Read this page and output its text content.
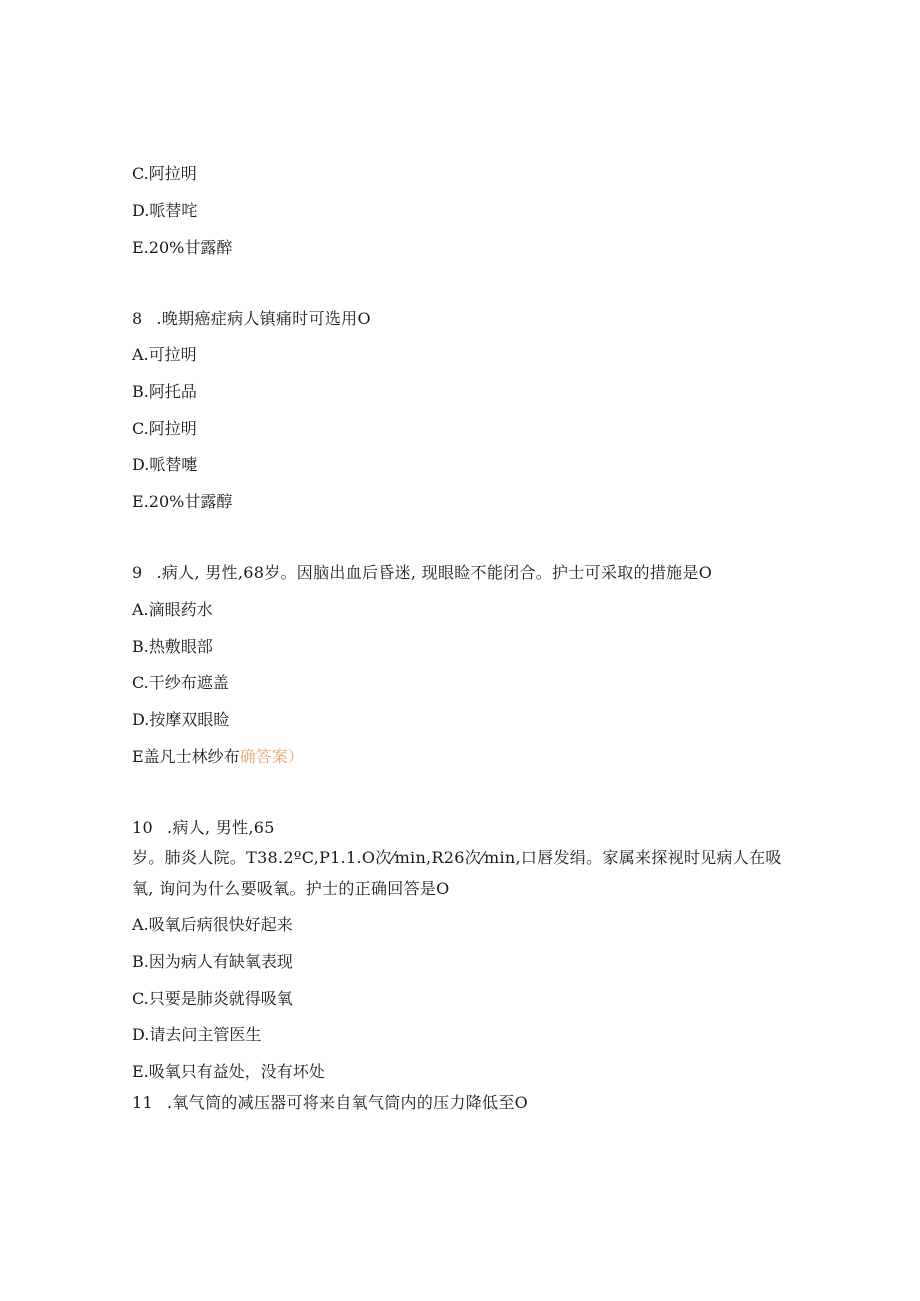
C.阿拉明
D.哌替咤
E.20%甘露醉
8 .晚期癌症病人镇痛时可选用O
A.可拉明
B.阿托品
C.阿拉明
D.哌替嚏
E.20%甘露醇
9 .病人, 男性,68岁。因脑出血后昏迷, 现眼睑不能闭合。护士可采取的措施是O
A.滴眼药水
B.热敷眼部
C.干纱布遮盖
D.按摩双眼睑
E盖凡士林纱布确答案）
10 .病人, 男性,65
岁。肺炎人院。T38.2ºC,P1.1.O次⁄min,R26次⁄min,口唇发绢。家属来探视时见病人在吸
氧, 询问为什么要吸氧。护士的正确回答是O
A.吸氧后病很快好起来
B.因为病人有缺氧表现
C.只要是肺炎就得吸氧
D.请去问主管医生
E.吸氧只有益处，没有坏处
11 .氧气筒的减压器可将来自氧气筒内的压力降低至O
